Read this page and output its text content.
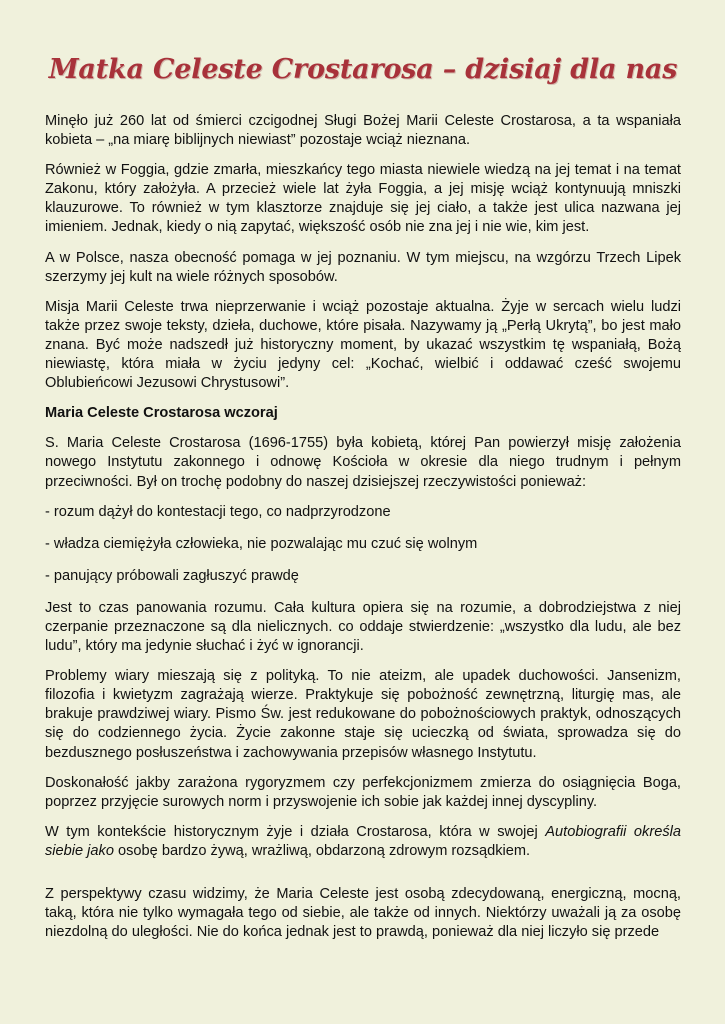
Matka Celeste Crostarosa – dzisiaj dla nas

Minęło już 260 lat od śmierci czcigodnej Sługi Bożej Marii Celeste Crostarosa, a ta wspaniała kobieta – „na miarę biblijnych niewiast” pozostaje wciąż nieznana.

Również w Foggia, gdzie zmarła, mieszkańcy tego miasta niewiele wiedzą na jej temat i na temat Zakonu, który założyła. A przecież wiele lat żyła Foggia, a jej misję wciąż kontynuują mniszki klauzurowe. To również w tym klasztorze znajduje się jej ciało, a także jest ulica nazwana jej imieniem. Jednak, kiedy o nią zapytać, większość osób nie zna jej i nie wie, kim jest.

A w Polsce, nasza obecność pomaga w jej poznaniu. W tym miejscu, na wzgórzu Trzech Lipek szerzymy jej kult na wiele różnych sposobów.

Misja Marii Celeste trwa nieprzerwanie i wciąż pozostaje aktualna. Żyje w sercach wielu ludzi także przez swoje teksty, dzieła, duchowe, które pisała. Nazywamy ją „Perłą Ukrytą”, bo jest mało znana. Być może nadszedł już historyczny moment, by ukazać wszystkim tę wspaniałą, Bożą niewiastę, która miała w życiu jedyny cel: „Kochać, wielbić i oddawać cześć swojemu Oblubieńcowi Jezusowi Chrystusowi”.

Maria Celeste Crostarosa wczoraj

S. Maria Celeste Crostarosa (1696-1755) była kobietą, której Pan powierzył misję założenia nowego Instytutu zakonnego i odnowę Kościoła w okresie dla niego trudnym i pełnym przeciwności. Był on trochę podobny do naszej dzisiejszej rzeczywistości ponieważ:

- rozum dążył do kontestacji tego, co nadprzyrodzone

- władza ciemiężyła człowieka, nie pozwalając mu czuć się wolnym

- panujący próbowali zagłuszyć prawdę

Jest to czas panowania rozumu. Cała kultura opiera się na rozumie, a dobrodziejstwa z niej czerpanie przeznaczone są dla nielicznych. co oddaje stwierdzenie: „wszystko dla ludu, ale bez ludu”, który ma jedynie słuchać i żyć w ignorancji.

Problemy wiary mieszają się z polityką. To nie ateizm, ale upadek duchowości. Jansenizm, filozofia i kwietyzm zagrażają wierze. Praktykuje się pobożność zewnętrzną, liturgię mas, ale brakuje prawdziwej wiary. Pismo Św. jest redukowane do pobożnościowych praktyk, odnoszących się do codziennego życia. Życie zakonne staje się ucieczką od świata, sprowadza się do bezdusznego posłuszeństwa i zachowywania przepisów własnego Instytutu.

Doskonałość jakby zarażona rygoryzmem czy perfekcjonizmem zmierza do osiągnięcia Boga, poprzez przyjęcie surowych norm i przyswojenie ich sobie jak każdej innej dyscypliny.

W tym kontekście historycznym żyje i działa Crostarosa, która w swojej Autobiografii określa siebie jako osobę bardzo żywą, wrażliwą, obdarzoną zdrowym rozsądkiem.

Z perspektywy czasu widzimy, że Maria Celeste jest osobą zdecydowaną, energiczną, mocną, taką, która nie tylko wymagała tego od siebie, ale także od innych. Niektórzy uważali ją za osobę niezdolną do uległości. Nie do końca jednak jest to prawdą, ponieważ dla niej liczyło się przede
